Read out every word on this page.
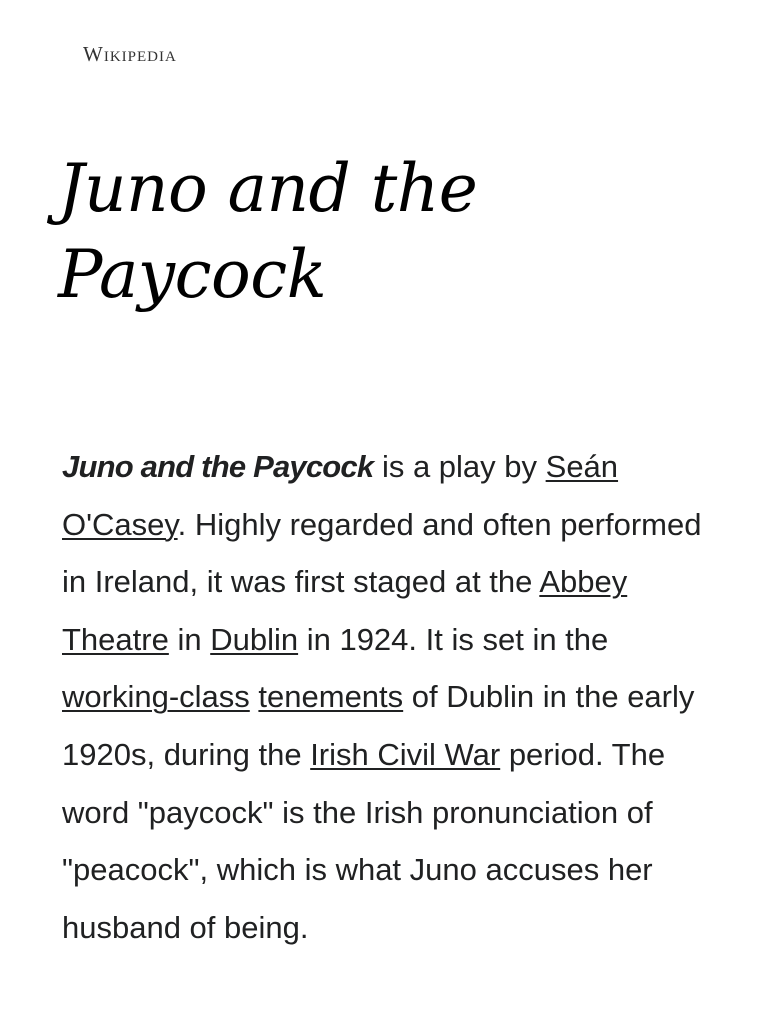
Wikipedia
Juno and the
Paycock

Juno and the Paycock is a play by Seán O'Casey. Highly regarded and often performed in Ireland, it was first staged at the Abbey Theatre in Dublin in 1924. It is set in the working-class tenements of Dublin in the early 1920s, during the Irish Civil War period. The word "paycock" is the Irish pronunciation of "peacock", which is what Juno accuses her husband of being.
